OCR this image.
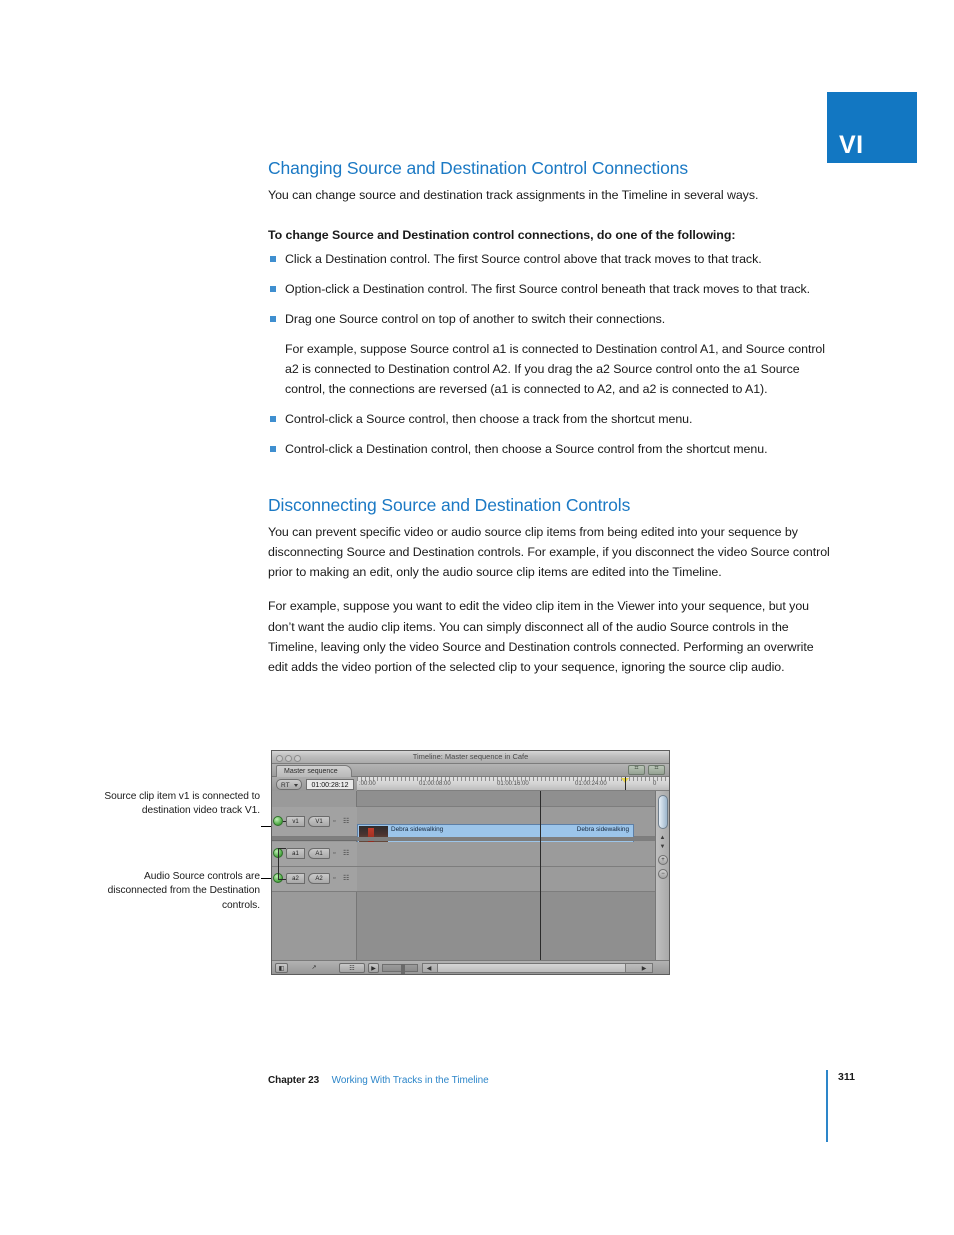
VI
Changing Source and Destination Control Connections

You can change source and destination track assignments in the Timeline in several ways.

To change Source and Destination control connections, do one of the following:

Click a Destination control. The first Source control above that track moves to that track.
Option-click a Destination control. The first Source control beneath that track moves to that track.
Drag one Source control on top of another to switch their connections.
For example, suppose Source control a1 is connected to Destination control A1, and Source control a2 is connected to Destination control A2. If you drag the a2 Source control onto the a1 Source control, the connections are reversed (a1 is connected to A2, and a2 is connected to A1).
Control-click a Source control, then choose a track from the shortcut menu.
Control-click a Destination control, then choose a Source control from the shortcut menu.
Disconnecting Source and Destination Controls

You can prevent specific video or audio source clip items from being edited into your sequence by disconnecting Source and Destination controls. For example, if you disconnect the video Source control prior to making an edit, only the audio source clip items are edited into the Timeline.

For example, suppose you want to edit the video clip item in the Viewer into your sequence, but you don’t want the audio clip items. You can simply disconnect all of the audio Source controls in the Timeline, leaving only the video Source and Destination controls connected. Performing an overwrite edit adds the video portion of the selected clip to your sequence, ignoring the source clip audio.

Source clip item v1 is connected to destination video track V1.
Audio Source controls are disconnected from the Destination controls.
Timeline: Master sequence in Cafe
Master sequence	⌗	⌗
RT	01:00:28:12	:00:00	01:00:08:00	01:00:16:00	01:00:24:00	0
v1	V1	▫ ☷
a1	A1	▫ ☷
a2	A2	▫ ☷
Debra sidewalking	Debra sidewalking
▲
▼
+
−
◧	↗	☷	▶	◀	▶
Chapter 23 Working With Tracks in the Timeline	311
